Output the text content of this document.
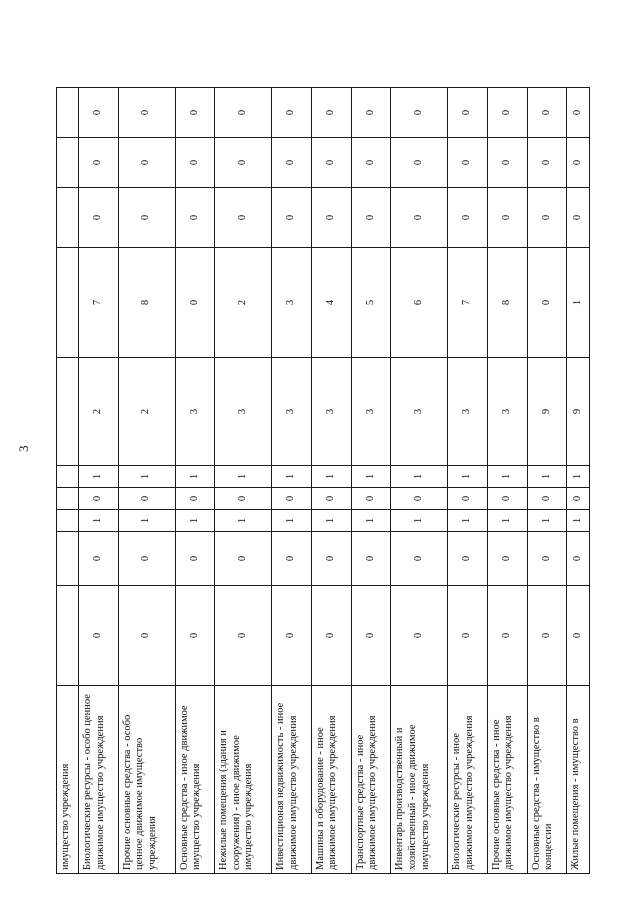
3
имущество учреждения										
Биологические ресурсы - особо ценное движимое имущество учреждения	0	0	1	0	1	2	7	0	0	0
Прочие основные средства - особо ценное движимое имущество учреждения	0	0	1	0	1	2	8	0	0	0
Основные средства - иное движимое имущество учреждения	0	0	1	0	1	3	0	0	0	0
Нежилые помещения (здания и сооружения) - иное движимое имущество учреждения	0	0	1	0	1	3	2	0	0	0
Инвестиционая недвижимость - иное движимое имущество учреждения	0	0	1	0	1	3	3	0	0	0
Машины и оборудование - иное движимое имущество учреждения	0	0	1	0	1	3	4	0	0	0
Транспортные средства - иное движимое имущество учреждения	0	0	1	0	1	3	5	0	0	0
Инвентарь производственный и хозяйственный - иное движимое имущество учреждения	0	0	1	0	1	3	6	0	0	0
Биологические ресурсы - иное движимое имущество учреждения	0	0	1	0	1	3	7	0	0	0
Прочие основные средства - иное движимое имущество учреждения	0	0	1	0	1	3	8	0	0	0
Основные средства - имущество в концессии	0	0	1	0	1	9	0	0	0	0
Жилые помещения - имущество в	0	0	1	0	1	9	1	0	0	0
